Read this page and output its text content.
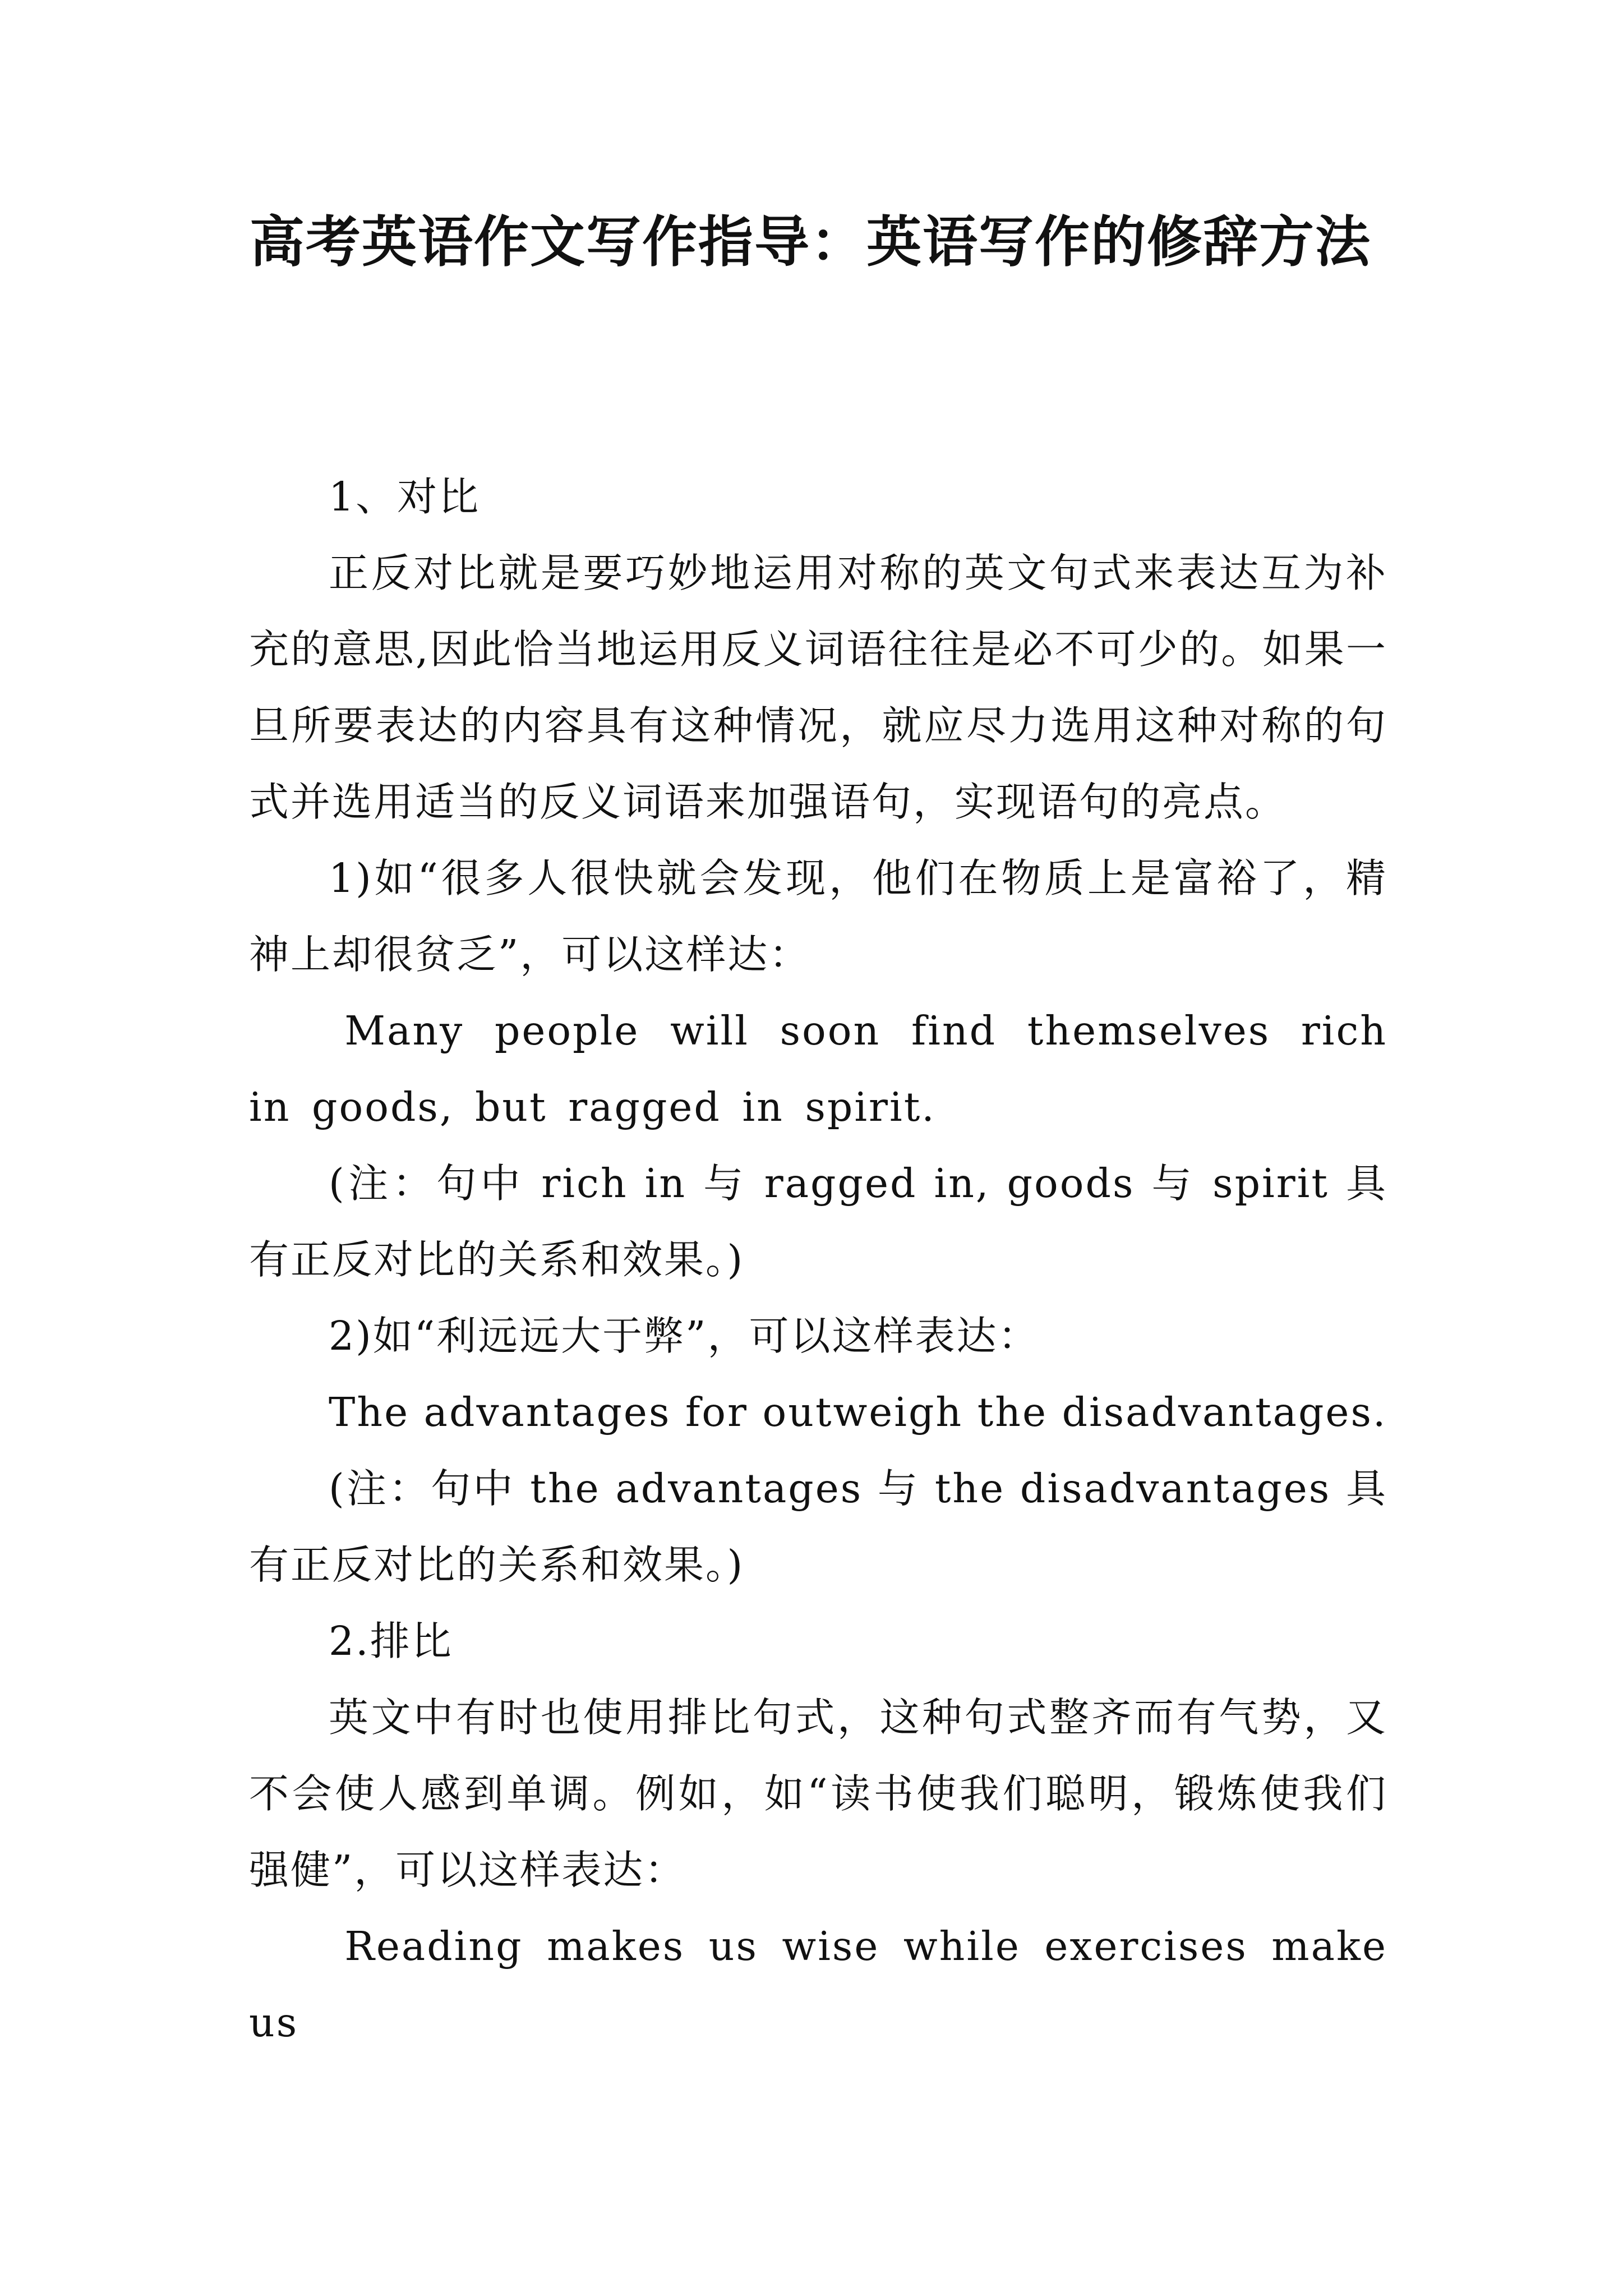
高考英语作文写作指导：英语写作的修辞方法

1、对比

正反对比就是要巧妙地运用对称的英文句式来表达互为补充的意思,因此恰当地运用反义词语往往是必不可少的。如果一旦所要表达的内容具有这种情况，就应尽力选用这种对称的句式并选用适当的反义词语来加强语句，实现语句的亮点。

1)如“很多人很快就会发现，他们在物质上是富裕了，精神上却很贫乏”，可以这样达：

Many people will soon find themselves rich in goods, but ragged in spirit.

(注：句中 rich in 与 ragged in, goods 与 spirit 具有正反对比的关系和效果。)

2)如“利远远大于弊”，可以这样表达：

The advantages for outweigh the disadvantages.

(注：句中 the advantages 与 the disadvantages 具有正反对比的关系和效果。)

2.排比

英文中有时也使用排比句式，这种句式整齐而有气势，又不会使人感到单调。例如，如“读书使我们聪明，锻炼使我们强健”，可以这样表达：

Reading makes us wise while exercises make us
